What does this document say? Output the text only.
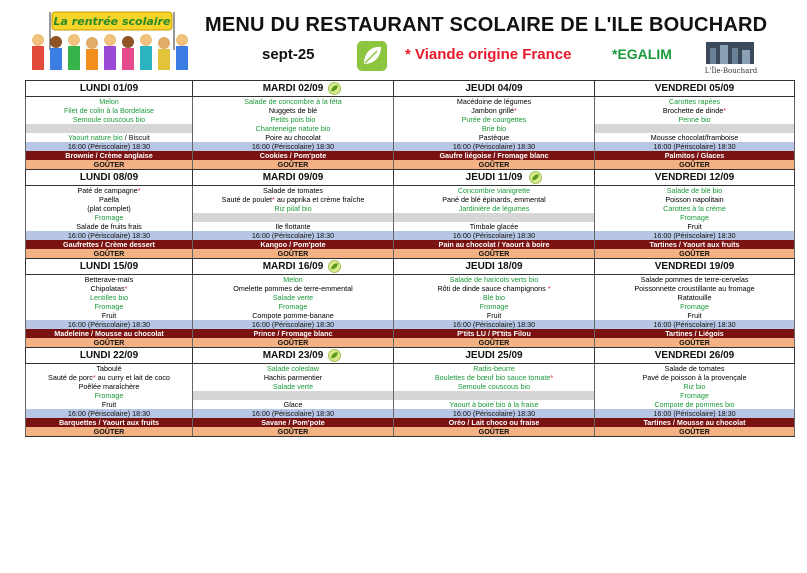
La rentrée scolaire MENU DU RESTAURANT SCOLAIRE DE L'ILE BOUCHARD
sept-25	* Viande origine France	*EGALIM
L'Île-Bouchard
LUNDI 01/09	MARDI 02/09	JEUDI 04/09	VENDREDI 05/09
Melon	Salade de concombre à la féta	Macédoine de légumes	Carottes rapées
Filet de colin à la Bordelaise	Nuggets de blé	Jambon grillé*	Brochette de dinde*
Semoule couscous bio	Petits pois bio	Purée de courgettes	Penne bio
	Chanteneige nature bio	Brie bio	
Yaourt nature bio / Biscuit	Poire au chocolat	Pastèque	Mousse chocolat/framboise
16:00 (Périscolaire) 18:30	16:00 (Périscolaire) 18:30	16:00 (Périscolaire) 18:30	16:00 (Périscolaire) 18:30
Brownie / Crème anglaise	Cookies / Pom'pote	Gaufre liégoise / Fromage blanc	Palmitos / Glaces
GOÛTER	GOÛTER	GOÛTER	GOÛTER
LUNDI 08/09	MARDI 09/09	JEUDI 11/09	VENDREDI 12/09
Paté de campagne*	Salade de tomates	Concombre vianigrette	Salade de blé bio
Paëlla	Sauté de poulet* au paprika et crème fraîche	Pané de blé épinards, emmental	Poisson napolitain
(plat complet)	Riz pilaf bio	Jardinière de légumes	Carottes à la crème
Fromage			Fromage
Salade de fruits frais	Ile flottante	Timbale glacée	Fruit
16:00 (Périscolaire) 18:30	16:00 (Périscolaire) 18:30	16:00 (Périscolaire) 18:30	16:00 (Périscolaire) 18:30
Gaufrettes / Crème dessert	Kangoo / Pom'pote	Pain au chocolat / Yaourt à boire	Tartines / Yaourt aux fruits
GOÛTER	GOÛTER	GOÛTER	GOÛTER
LUNDI 15/09	MARDI 16/09	JEUDI 18/09	VENDREDI 19/09
Betterave-maïs	Melon	Salade de haricots verts bio	Salade pommes de terre-cervelas
Chipolatas*	Omelette pommes de terre-emmental	Rôti de dinde sauce champignons *	Poissonnette croustillante au fromage
Lentilles bio	Salade verte	Blé bio	Ratatouille
Fromage	Fromage	Fromage	Fromage
Fruit	Compote pomme-banane	Fruit	Fruit
16:00 (Périscolaire) 18:30	16:00 (Périscolaire) 18:30	16:00 (Périscolaire) 18:30	16:00 (Périscolaire) 18:30
Madeleine / Mousse au chocolat	Prince / Fromage blanc	P'tits LU / Pt'tits Filou	Tartines / Liégois
GOÛTER	GOÛTER	GOÛTER	GOÛTER
LUNDI 22/09	MARDI 23/09	JEUDI 25/09	VENDREDI 26/09
Taboulé	Salade coleslaw	Radis-beurre	Salade de tomates
Sauté de porc* au curry et lait de coco	Hachis parmentier	Boulettes de bœuf bio sauce tomate*	Pavé de poisson à la provençale
Poêlée maraîchère	Salade verte	Semoule couscous bio	Riz bio
Fromage			Fromage
Fruit	Glace	Yaourt à boire bio à la fraise	Compote de pommes bio
16:00 (Périscolaire) 18:30	16:00 (Périscolaire) 18:30	16:00 (Périscolaire) 18:30	16:00 (Périscolaire) 18:30
Barquettes / Yaourt aux fruits	Savane / Pom'pote	Oréo / Lait choco ou fraise	Tartines / Mousse au chocolat
GOÛTER	GOÛTER	GOÛTER	GOÛTER
